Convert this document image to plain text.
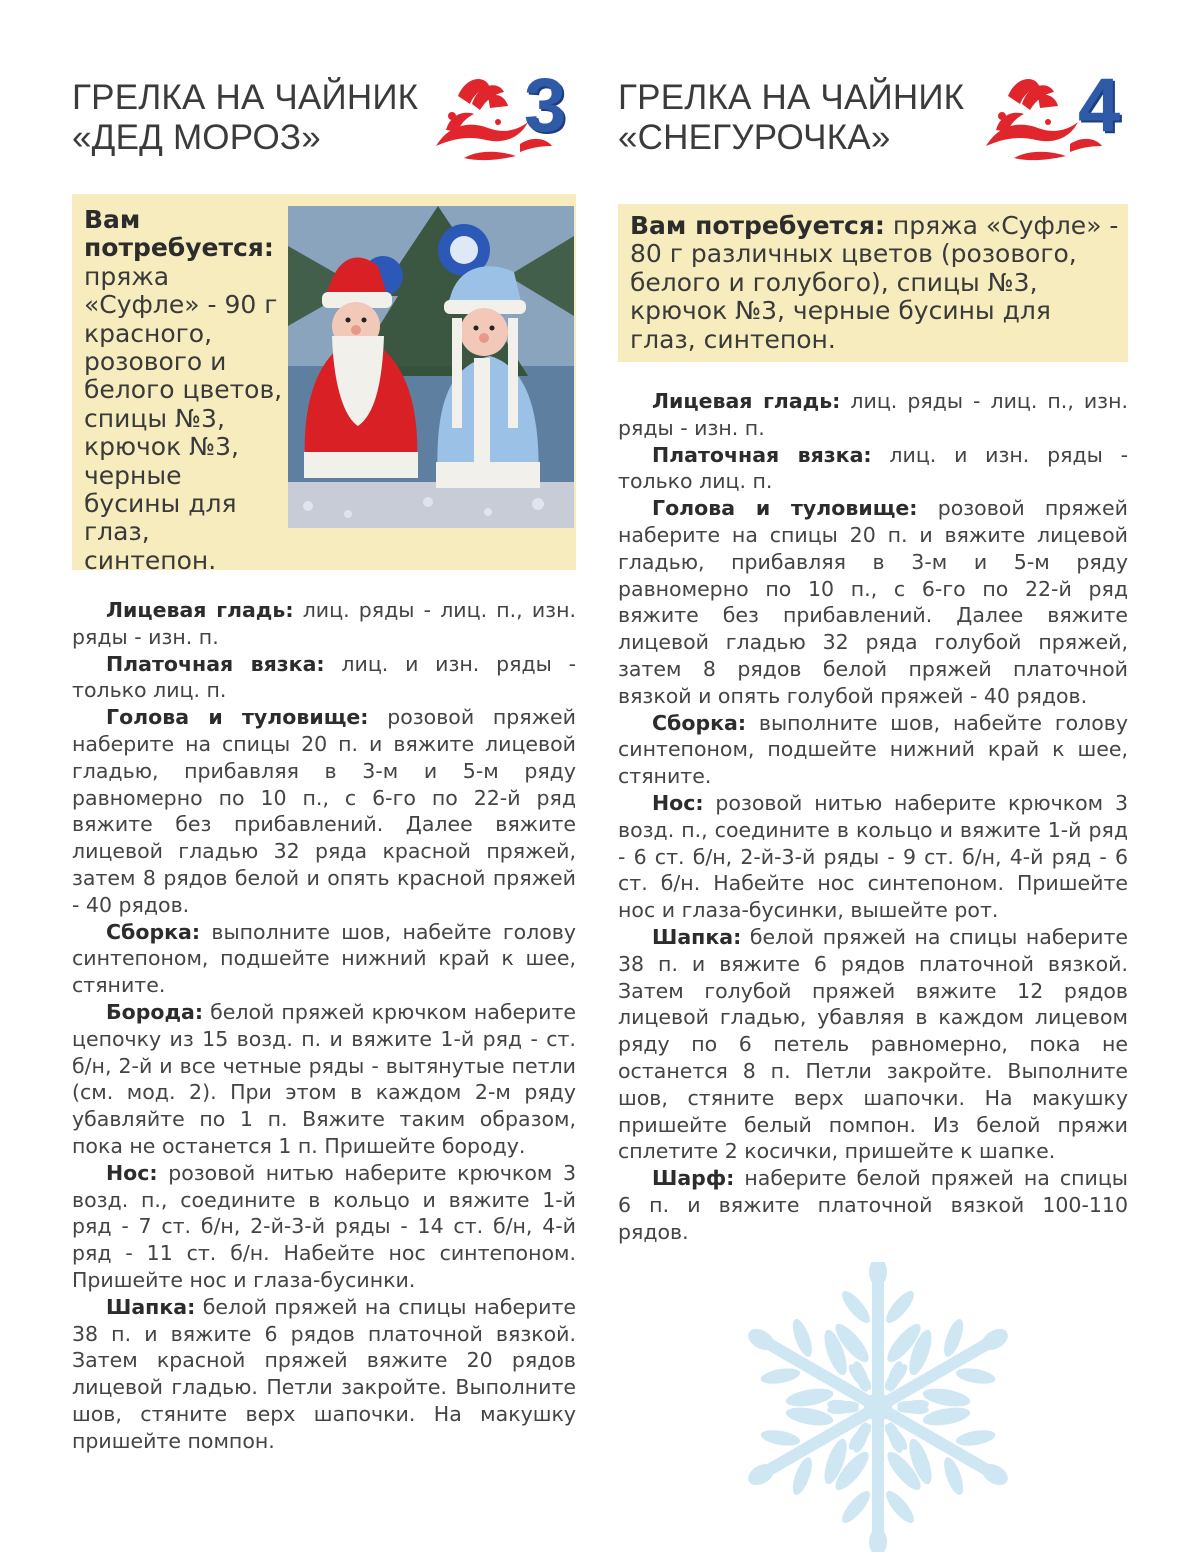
ГРЕЛКА НА ЧАЙНИК
«ДЕД МОРОЗ»	3
Вам потребуется: пряжа «Суфле» - 90 г красного, розового и белого цветов, спицы №3, крючок №3, черные бусины для глаз, синтепон.

Лицевая гладь: лиц. ряды - лиц. п., изн. ряды - изн. п.

Платочная вязка: лиц. и изн. ряды - только лиц. п.

Голова и туловище: розовой пряжей наберите на спицы 20 п. и вяжите лицевой гладью, прибавляя в 3-м и 5-м ряду равномерно по 10 п., с 6-го по 22-й ряд вяжите без прибавлений. Далее вяжите лицевой гладью 32 ряда красной пряжей, затем 8 рядов белой и опять красной пряжей - 40 рядов.

Сборка: выполните шов, набейте голову синтепоном, подшейте нижний край к шее, стяните.

Борода: белой пряжей крючком наберите цепочку из 15 возд. п. и вяжите 1-й ряд - ст. б/н, 2-й и все четные ряды - вытянутые петли (см. мод. 2). При этом в каждом 2-м ряду убавляйте по 1 п. Вяжите таким образом, пока не останется 1 п. Пришейте бороду.

Нос: розовой нитью наберите крючком 3 возд. п., соедините в кольцо и вяжите 1-й ряд - 7 ст. б/н, 2-й-3-й ряды - 14 ст. б/н, 4-й ряд - 11 ст. б/н. Набейте нос синтепоном. Пришейте нос и глаза-бусинки.

Шапка: белой пряжей на спицы наберите 38 п. и вяжите 6 рядов платочной вязкой. Затем красной пряжей вяжите 20 рядов лицевой гладью. Петли закройте. Выполните шов, стяните верх шапочки. На макушку пришейте помпон.

ГРЕЛКА НА ЧАЙНИК
«СНЕГУРОЧКА»	4
Вам потребуется: пряжа «Суфле» - 80 г различных цветов (розового, белого и голубого), спицы №3, крючок №3, черные бусины для глаз, синтепон.

Лицевая гладь: лиц. ряды - лиц. п., изн. ряды - изн. п.

Платочная вязка: лиц. и изн. ряды - только лиц. п.

Голова и туловище: розовой пряжей наберите на спицы 20 п. и вяжите лицевой гладью, прибавляя в 3-м и 5-м ряду равномерно по 10 п., с 6-го по 22-й ряд вяжите без прибавлений. Далее вяжите лицевой гладью 32 ряда голубой пряжей, затем 8 рядов белой пряжей платочной вязкой и опять голубой пряжей - 40 рядов.

Сборка: выполните шов, набейте голову синтепоном, подшейте нижний край к шее, стяните.

Нос: розовой нитью наберите крючком 3 возд. п., соедините в кольцо и вяжите 1-й ряд - 6 ст. б/н, 2-й-3-й ряды - 9 ст. б/н, 4-й ряд - 6 ст. б/н. Набейте нос синтепоном. Пришейте нос и глаза-бусинки, вышейте рот.

Шапка: белой пряжей на спицы наберите 38 п. и вяжите 6 рядов платочной вязкой. Затем голубой пряжей вяжите 12 рядов лицевой гладью, убавляя в каждом лицевом ряду по 6 петель равномерно, пока не останется 8 п. Петли закройте. Выполните шов, стяните верх шапочки. На макушку пришейте белый помпон. Из белой пряжи сплетите 2 косички, пришейте к шапке.

Шарф: наберите белой пряжей на спицы 6 п. и вяжите платочной вязкой 100-110 рядов.
